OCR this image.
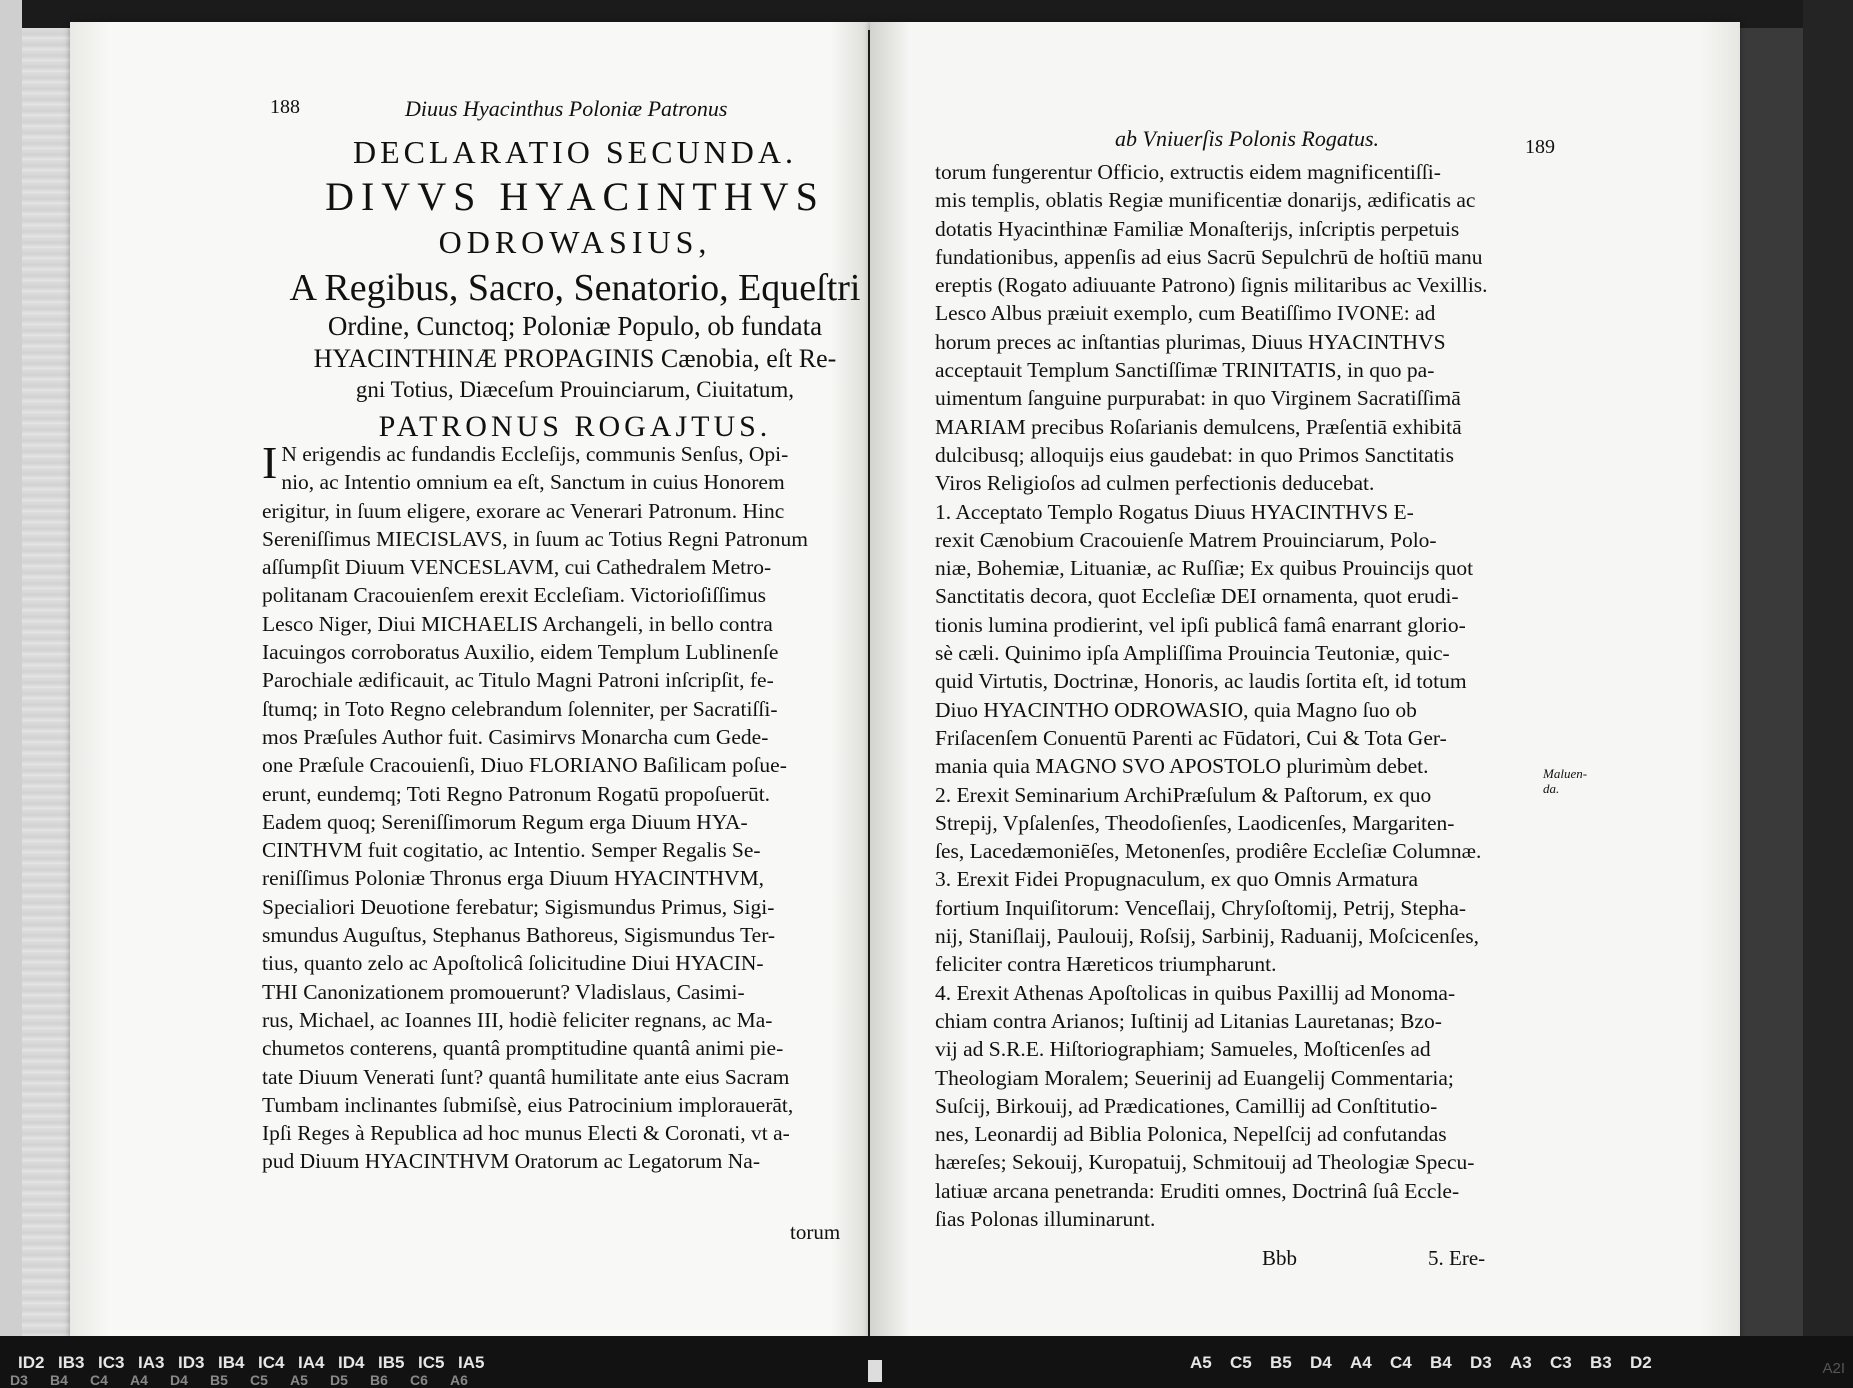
188	Diuus Hyacinthus Poloniæ Patronus

DECLARATIO SECUNDA.

DIVVS HYACINTHVS

ODROWASIUS,

A Regibus, Sacro, Senatorio, Equeſtri

Ordine, Cunctoq; Poloniæ Populo, ob fundata

HYACINTHINÆ PROPAGINIS Cænobia, eſt Re-

gni Totius, Diæceſum Prouinciarum, Ciuitatum,

PATRONUS ROGAJTUS.

I N erigendis ac fundandis Eccleſijs, communis Senſus, Opi-
nio, ac Intentio omnium ea eſt, Sanctum in cuius Honorem
erigitur, in ſuum eligere, exorare ac Venerari Patronum. Hinc
Sereniſſimus MIECISLAVS, in ſuum ac Totius Regni Patronum
aſſumpſit Diuum VENCESLAVM, cui Cathedralem Metro-
politanam Cracouienſem erexit Eccleſiam. Victorioſiſſimus
Lesco Niger, Diui MICHAELIS Archangeli, in bello contra
Iacuingos corroboratus Auxilio, eidem Templum Lublinenſe
Parochiale ædificauit, ac Titulo Magni Patroni inſcripſit, fe-
ſtumq; in Toto Regno celebrandum ſolenniter, per Sacratiſſi-
mos Præſules Author fuit. Casimirvs Monarcha cum Gede-
one Præſule Cracouienſi, Diuo FLORIANO Baſilicam poſue-
erunt, eundemq; Toti Regno Patronum Rogatū propoſuerūt.
Eadem quoq; Sereniſſimorum Regum erga Diuum HYA-
CINTHVM fuit cogitatio, ac Intentio. Semper Regalis Se-
reniſſimus Poloniæ Thronus erga Diuum HYACINTHVM,
Specialiori Deuotione ferebatur; Sigismundus Primus, Sigi-
smundus Auguſtus, Stephanus Bathoreus, Sigismundus Ter-
tius, quanto zelo ac Apoſtolicâ ſolicitudine Diui HYACIN-
THI Canonizationem promouerunt? Vladislaus, Casimi-
rus, Michael, ac Ioannes III, hodiè feliciter regnans, ac Ma-
chumetos conterens, quantâ promptitudine quantâ animi pie-
tate Diuum Venerati ſunt? quantâ humilitate ante eius Sacram
Tumbam inclinantes ſubmiſsè, eius Patrocinium implorauerāt,
Ipſi Reges à Republica ad hoc munus Electi & Coronati, vt a-
pud Diuum HYACINTHVM Oratorum ac Legatorum Na-
torum
ab Vniuerſis Polonis Rogatus.	189
torum fungerentur Officio, extructis eidem magnificentiſſi-
mis templis, oblatis Regiæ munificentiæ donarijs, ædificatis ac
dotatis Hyacinthinæ Familiæ Monaſterijs, inſcriptis perpetuis
fundationibus, appenſis ad eius Sacrū Sepulchrū de hoſtiū manu
ereptis (Rogato adiuuante Patrono) ſignis militaribus ac Vexillis.
Lesco Albus præiuit exemplo, cum Beatiſſimo IVONE: ad
horum preces ac inſtantias plurimas, Diuus HYACINTHVS
acceptauit Templum Sanctiſſimæ TRINITATIS, in quo pa-
uimentum ſanguine purpurabat: in quo Virginem Sacratiſſimā
MARIAM precibus Roſarianis demulcens, Præſentiā exhibitā
dulcibusq; alloquijs eius gaudebat: in quo Primos Sanctitatis
Viros Religioſos ad culmen perfectionis deducebat.
1. Acceptato Templo Rogatus Diuus HYACINTHVS E-
rexit Cænobium Cracouienſe Matrem Prouinciarum, Polo-
niæ, Bohemiæ, Lituaniæ, ac Ruſſiæ; Ex quibus Prouincijs quot
Sanctitatis decora, quot Eccleſiæ DEI ornamenta, quot erudi-
tionis lumina prodierint, vel ipſi publicâ famâ enarrant glorio-
sè cæli. Quinimo ipſa Ampliſſima Prouincia Teutoniæ, quic-
quid Virtutis, Doctrinæ, Honoris, ac laudis ſortita eſt, id totum
Diuo HYACINTHO ODROWASIO, quia Magno ſuo ob
Friſacenſem Conuentū Parenti ac Fūdatori, Cui & Tota Ger-
mania quia MAGNO SVO APOSTOLO plurimùm debet.
2. Erexit Seminarium ArchiPræſulum & Paſtorum, ex quo
Strepij, Vpſalenſes, Theodoſienſes, Laodicenſes, Margariten-
ſes, Lacedæmoniēſes, Metonenſes, prodiêre Eccleſiæ Columnæ.
3. Erexit Fidei Propugnaculum, ex quo Omnis Armatura
fortium Inquiſitorum: Venceſlaij, Chryſoſtomij, Petrij, Stepha-
nij, Staniſlaij, Paulouij, Roſsij, Sarbinij, Raduanij, Moſcicenſes,
feliciter contra Hæreticos triumpharunt.
4. Erexit Athenas Apoſtolicas in quibus Paxillij ad Monoma-
chiam contra Arianos; Iuſtinij ad Litanias Lauretanas; Bzo-
vij ad S.R.E. Hiſtoriographiam; Samueles, Moſticenſes ad
Theologiam Moralem; Seuerinij ad Euangelij Commentaria;
Suſcij, Birkouij, ad Prædicationes, Camillij ad Conſtitutio-
nes, Leonardij ad Biblia Polonica, Nepelſcij ad confutandas
hæreſes; Sekouij, Kuropatuij, Schmitouij ad Theologiæ Specu-
latiuæ arcana penetranda: Eruditi omnes, Doctrinâ ſuâ Eccle-
ſias Polonas illuminarunt.
Maluen-da.
Bbb	5. Ere-
ID2 IB3 IC3 IA3 ID3 IB4 IC4 IA4 ID4 IB5 IC5 IA5
D3 B4 C4 A4 D4 B5 C5 A5 D5 B6 C6 A6
A5 C5 B5 D4 A4 C4 B4 D3 A3 C3 B3 D2	A2I
